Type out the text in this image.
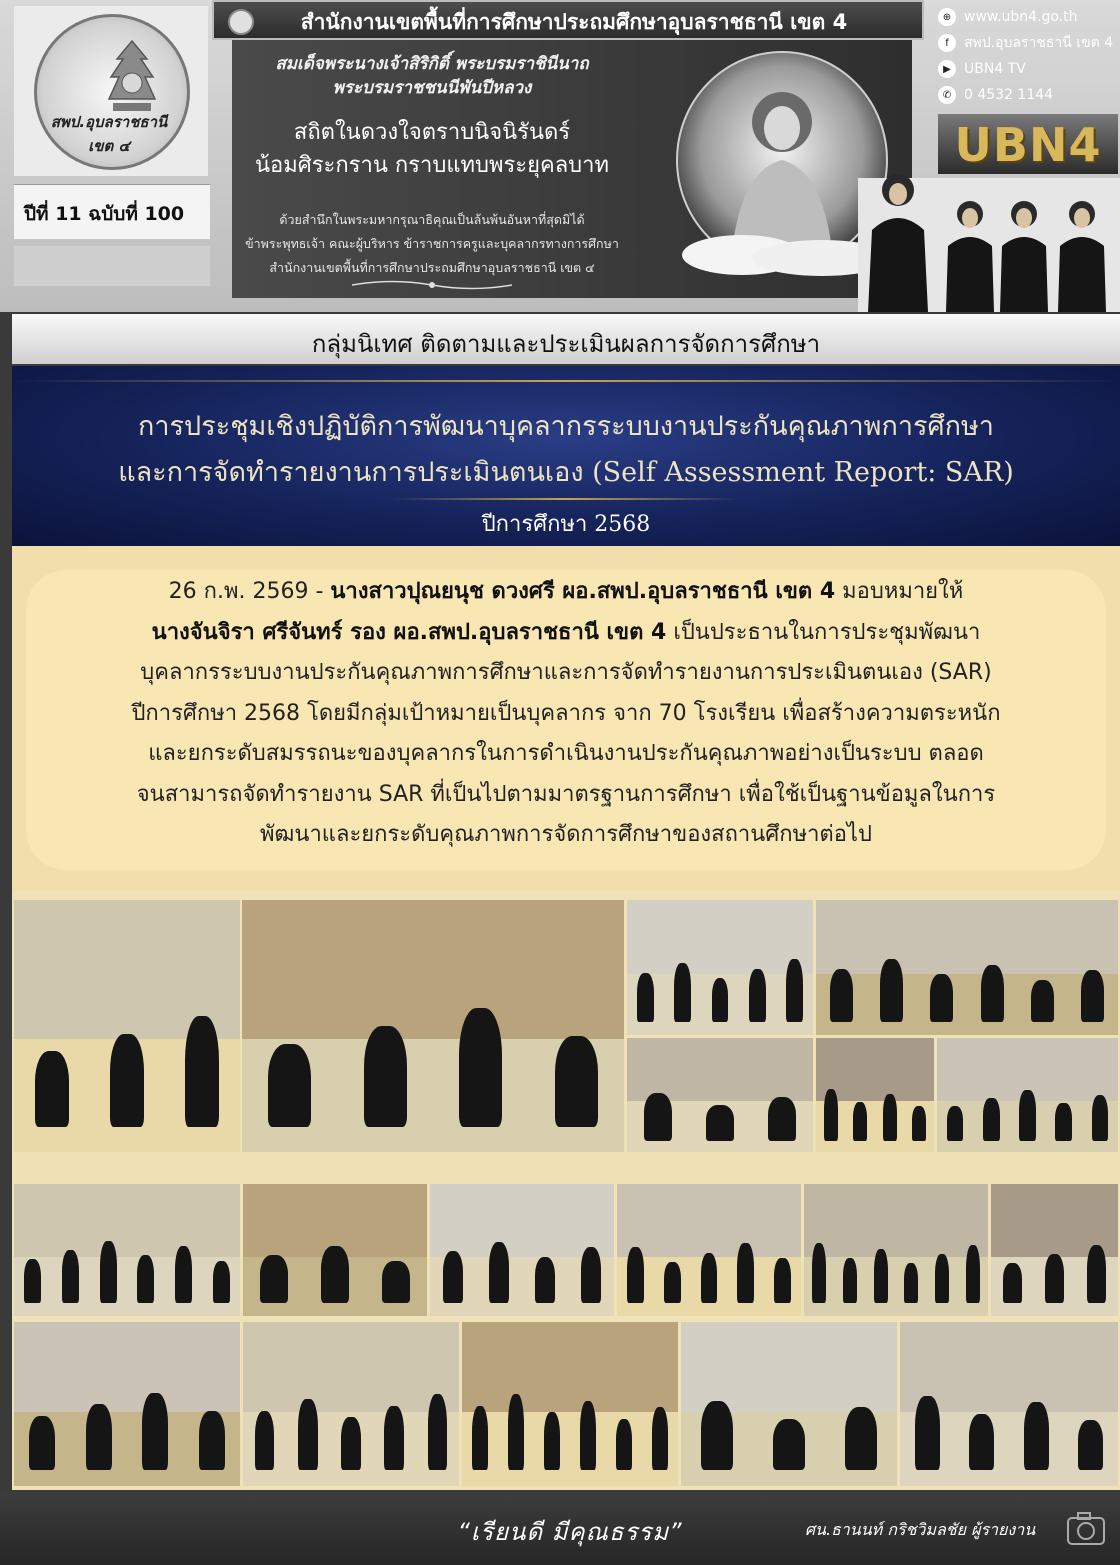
สพป.อุบลราชธานี เขต ๔
ปีที่ 11 ฉบับที่ 100
สำนักงานเขตพื้นที่การศึกษาประถมศึกษาอุบลราชธานี เขต 4
สมเด็จพระนางเจ้าสิริกิติ์ พระบรมราชินีนาถ
พระบรมราชชนนีพันปีหลวง
สถิตในดวงใจตราบนิจนิรันดร์
น้อมศิระกราน กราบแทบพระยุคลบาท
ด้วยสำนึกในพระมหากรุณาธิคุณเป็นล้นพ้นอันหาที่สุดมิได้
ข้าพระพุทธเจ้า คณะผู้บริหาร ข้าราชการครูและบุคลากรทางการศึกษา
สำนักงานเขตพื้นที่การศึกษาประถมศึกษาอุบลราชธานี เขต ๔
⊕ www.ubn4.go.th
f	สพป.อุบลราชธานี เขต 4
▶ UBN4 TV
✆ 0 4532 1144
UBN4
กลุ่มนิเทศ ติดตามและประเมินผลการจัดการศึกษา
การประชุมเชิงปฏิบัติการพัฒนาบุคลากรระบบงานประกันคุณภาพการศึกษา
และการจัดทำรายงานการประเมินตนเอง (Self Assessment Report: SAR)
ปีการศึกษา 2568
26 ก.พ. 2569 - นางสาวปุณยนุช ดวงศรี ผอ.สพป.อุบลราชธานี เขต 4 มอบหมายให้
นางจันจิรา ศรีจันทร์ รอง ผอ.สพป.อุบลราชธานี เขต 4 เป็นประธานในการประชุมพัฒนา
บุคลากรระบบงานประกันคุณภาพการศึกษาและการจัดทำรายงานการประเมินตนเอง (SAR)
ปีการศึกษา 2568 โดยมีกลุ่มเป้าหมายเป็นบุคลากร จาก 70 โรงเรียน เพื่อสร้างความตระหนัก
และยกระดับสมรรถนะของบุคลากรในการดำเนินงานประกันคุณภาพอย่างเป็นระบบ ตลอด
จนสามารถจัดทำรายงาน SAR ที่เป็นไปตามมาตรฐานการศึกษา เพื่อใช้เป็นฐานข้อมูลในการ
พัฒนาและยกระดับคุณภาพการจัดการศึกษาของสถานศึกษาต่อไป
“เรียนดี มีคุณธรรม”	ศน.ธานนท์ กริชวิมลชัย ผู้รายงาน
